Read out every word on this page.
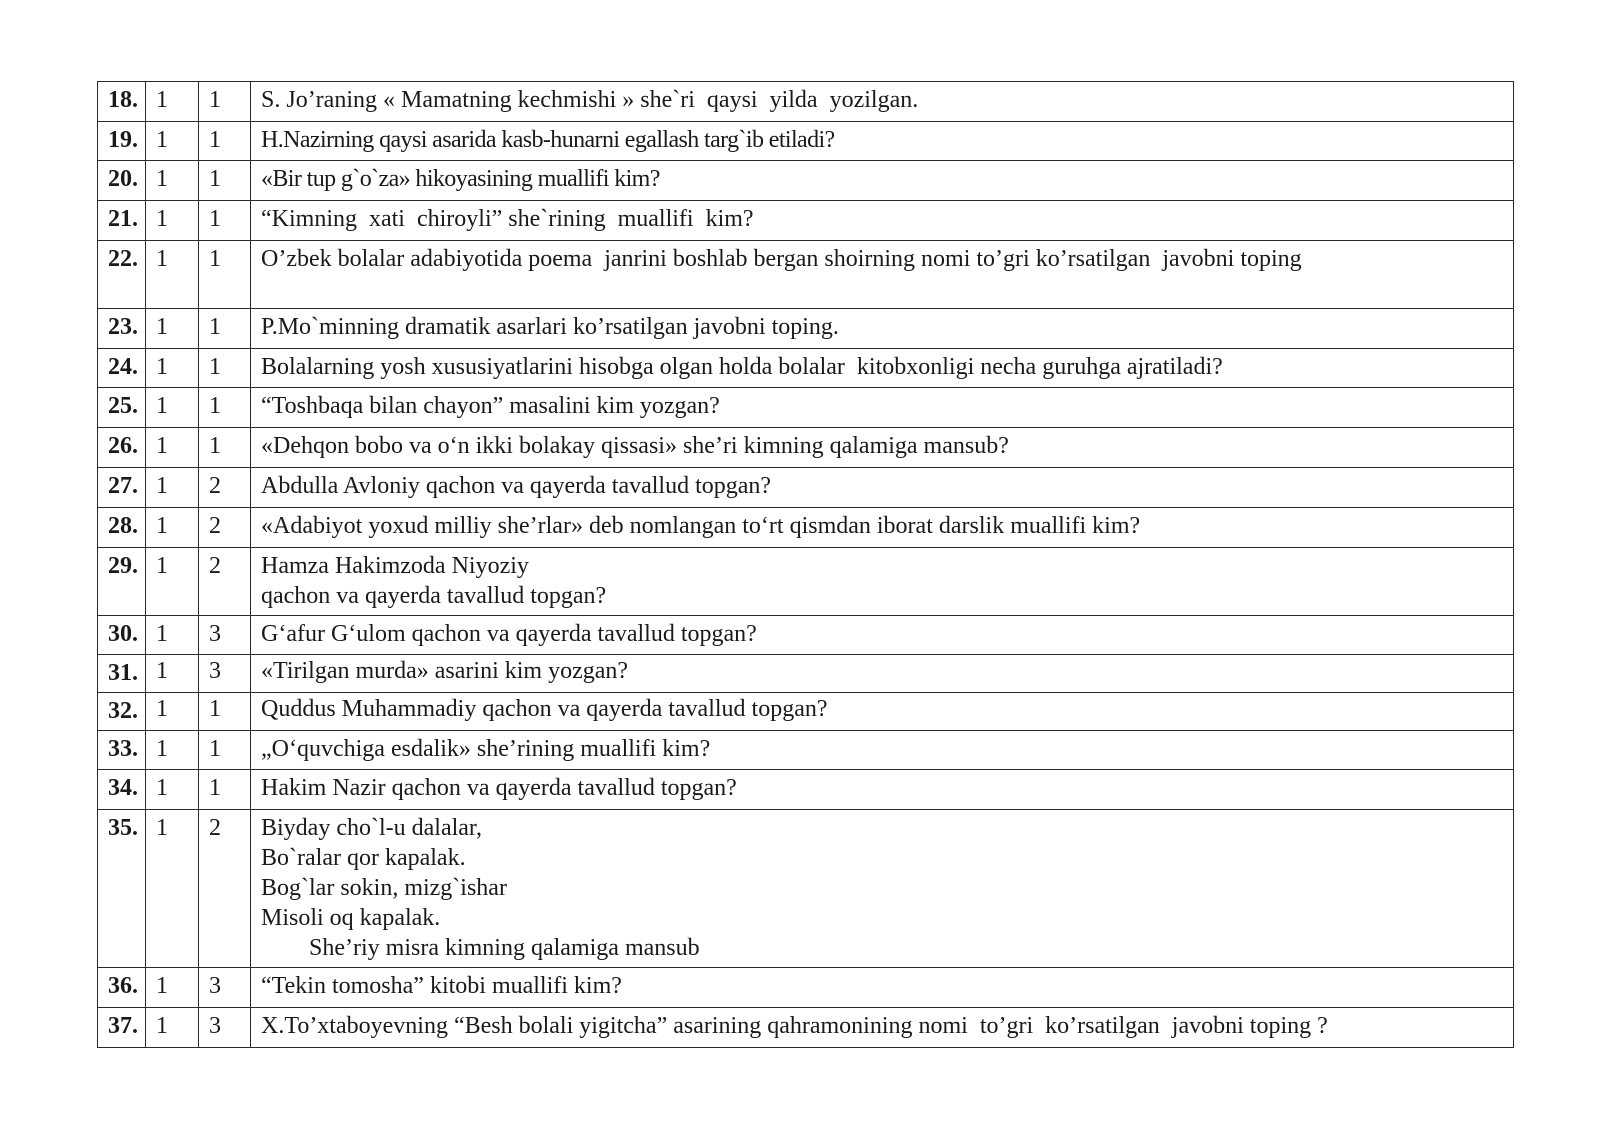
18.	1	1	S. Jo’raning « Mamatning kechmishi » she`ri  qaysi  yilda  yozilgan.
19.	1	1	H.Nazirning qaysi asarida kasb-hunarni egallash targ`ib etiladi?
20.	1	1	«Bir tup g`o`za» hikoyasining muallifi kim?
21.	1	1	“Kimning  xati  chiroyli” she`rining  muallifi  kim?
22.	1	1	O’zbek bolalar adabiyotida poema  janrini boshlab bergan shoirning nomi to’gri ko’rsatilgan  javobni toping
23.	1	1	P.Mo`minning dramatik asarlari ko’rsatilgan javobni toping.
24.	1	1	Bolalarning yosh xususiyatlarini hisobga olgan holda bolalar  kitobxonligi necha guruhga ajratiladi?
25.	1	1	“Toshbaqa bilan chayon” masalini kim yozgan?
26.	1	1	«Dehqon bobo va o‘n ikki bolakay qissasi» she’ri kimning qalamiga mansub?
27.	1	2	Abdulla Avloniy qachon va qayerda tavallud topgan?
28.	1	2	«Adabiyot yoxud milliy she’rlar» deb nomlangan to‘rt qismdan iborat darslik muallifi kim?
29.	1	2	Hamza Hakimzoda Niyoziy
qachon va qayerda tavallud topgan?
30.	1	3	G‘afur G‘ulom qachon va qayerda tavallud topgan?
31.	1	3	«Tirilgan murda» asarini kim yozgan?
32.	1	1	Quddus Muhammadiy qachon va qayerda tavallud topgan?
33.	1	1	„O‘quvchiga esdalik» she’rining muallifi kim?
34.	1	1	Hakim Nazir qachon va qayerda tavallud topgan?
35.	1	2	Biyday cho`l-u dalalar,
Bo`ralar qor kapalak.
Bog`lar sokin, mizg`ishar
Misoli oq kapalak.
She’riy misra kimning qalamiga mansub
36.	1	3	“Tekin tomosha” kitobi muallifi kim?
37.	1	3	X.To’xtaboyevning “Besh bolali yigitcha” asarining qahramonining nomi  to’gri  ko’rsatilgan  javobni toping ?
